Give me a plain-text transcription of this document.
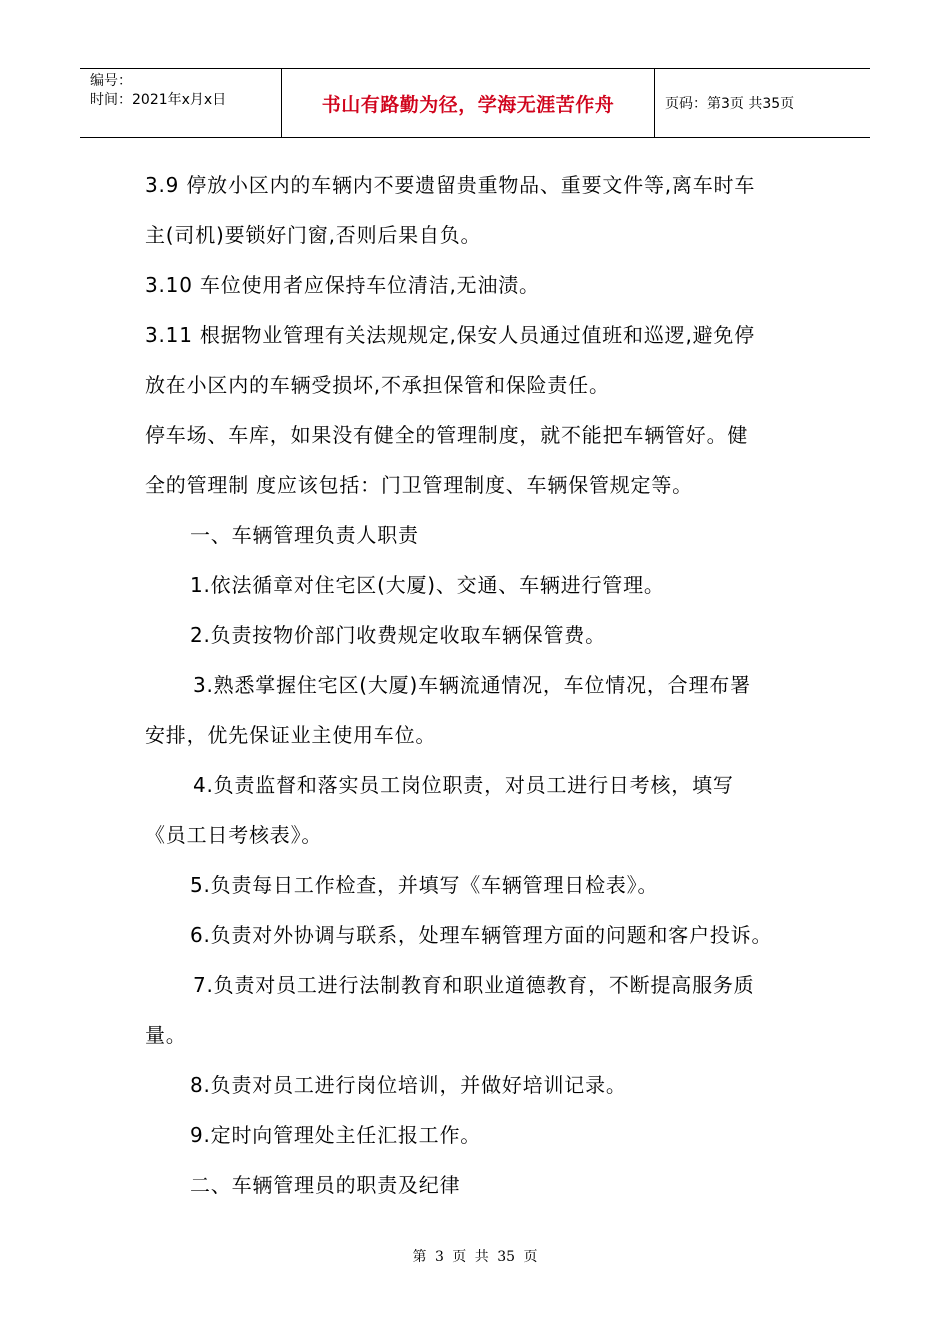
编号：
时间：2021年x月x日	书山有路勤为径，学海无涯苦作舟	页码：第3页 共35页
3.9 停放小区内的车辆内不要遗留贵重物品、重要文件等,离车时车
主(司机)要锁好门窗,否则后果自负。
3.10 车位使用者应保持车位清洁,无油渍。
3.11 根据物业管理有关法规规定,保安人员通过值班和巡逻,避免停
放在小区内的车辆受损坏,不承担保管和保险责任。
停车场、车库，如果没有健全的管理制度，就不能把车辆管好。健
全的管理制 度应该包括：门卫管理制度、车辆保管规定等。
一、车辆管理负责人职责
1.依法循章对住宅区(大厦)、交通、车辆进行管理。
2.负责按物价部门收费规定收取车辆保管费。
3.熟悉掌握住宅区(大厦)车辆流通情况，车位情况，合理布署
安排，优先保证业主使用车位。
4.负责监督和落实员工岗位职责，对员工进行日考核，填写
《员工日考核表》。
5.负责每日工作检查，并填写《车辆管理日检表》。
6.负责对外协调与联系，处理车辆管理方面的问题和客户投诉。
7.负责对员工进行法制教育和职业道德教育，不断提高服务质
量。
8.负责对员工进行岗位培训，并做好培训记录。
9.定时向管理处主任汇报工作。
二、车辆管理员的职责及纪律
第 3 页 共 35 页
